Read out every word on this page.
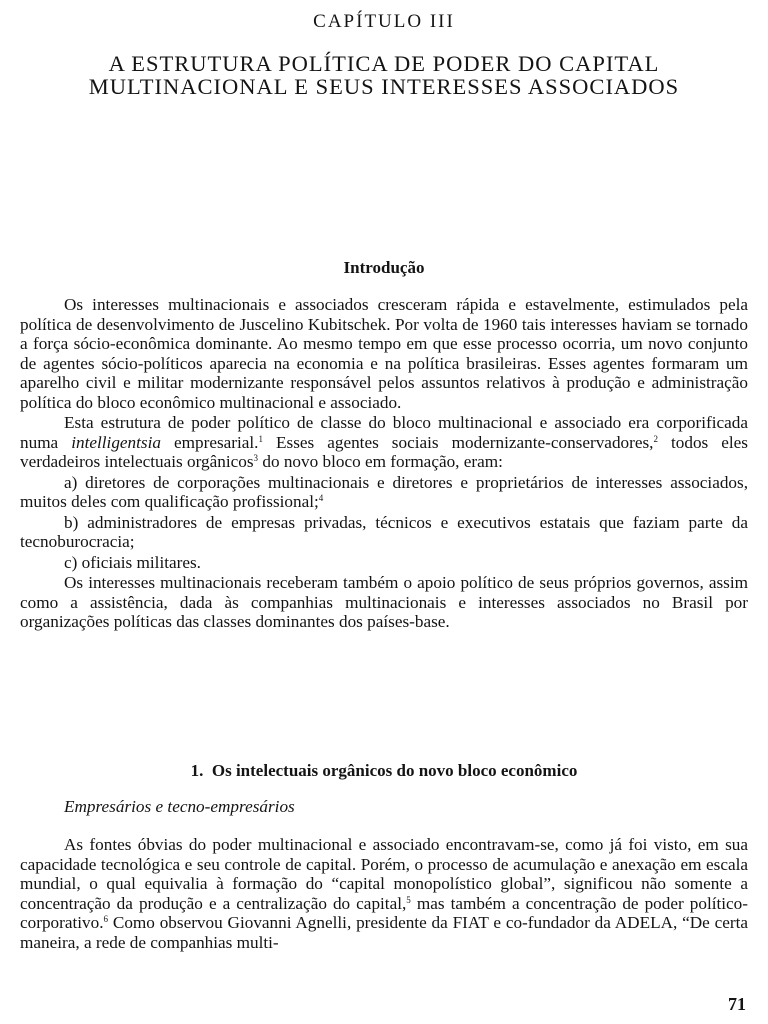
CAPÍTULO III
A ESTRUTURA POLÍTICA DE PODER DO CAPITAL
MULTINACIONAL E SEUS INTERESSES ASSOCIADOS
Introdução

Os interesses multinacionais e associados cresceram rápida e estavelmente, estimulados pela política de desenvolvimento de Juscelino Kubitschek. Por volta de 1960 tais interesses haviam se tornado a força sócio-econômica dominante. Ao mesmo tempo em que esse processo ocorria, um novo conjunto de agentes sócio-políticos aparecia na economia e na política brasileiras. Esses agentes formaram um aparelho civil e militar modernizante responsável pelos assuntos relativos à produção e administração política do bloco econômico multinacional e associado.

Esta estrutura de poder político de classe do bloco multinacional e associado era corporificada numa intelligentsia empresarial.$^1$ Esses agentes sociais modernizante-conservadores,$^2$ todos eles verdadeiros intelectuais orgânicos$^3$ do novo bloco em formação, eram:

a) diretores de corporações multinacionais e diretores e proprietários de interesses associados, muitos deles com qualificação profissional;$^4$

b) administradores de empresas privadas, técnicos e executivos estatais que faziam parte da tecnoburocracia;

c) oficiais militares.

Os interesses multinacionais receberam também o apoio político de seus próprios governos, assim como a assistência, dada às companhias multinacionais e interesses associados no Brasil por organizações políticas das classes dominantes dos países-base.

1.  Os intelectuais orgânicos do novo bloco econômico
Empresários e tecno-empresários

As fontes óbvias do poder multinacional e associado encontravam-se, como já foi visto, em sua capacidade tecnológica e seu controle de capital. Porém, o processo de acumulação e anexação em escala mundial, o qual equivalia à formação do “capital monopolístico global”, significou não somente a concentração da produção e a centralização do capital,$^5$ mas também a concentração de poder político-corporativo.$^6$ Como observou Giovanni Agnelli, presidente da FIAT e co-fundador da ADELA, “De certa maneira, a rede de companhias multi-

71
